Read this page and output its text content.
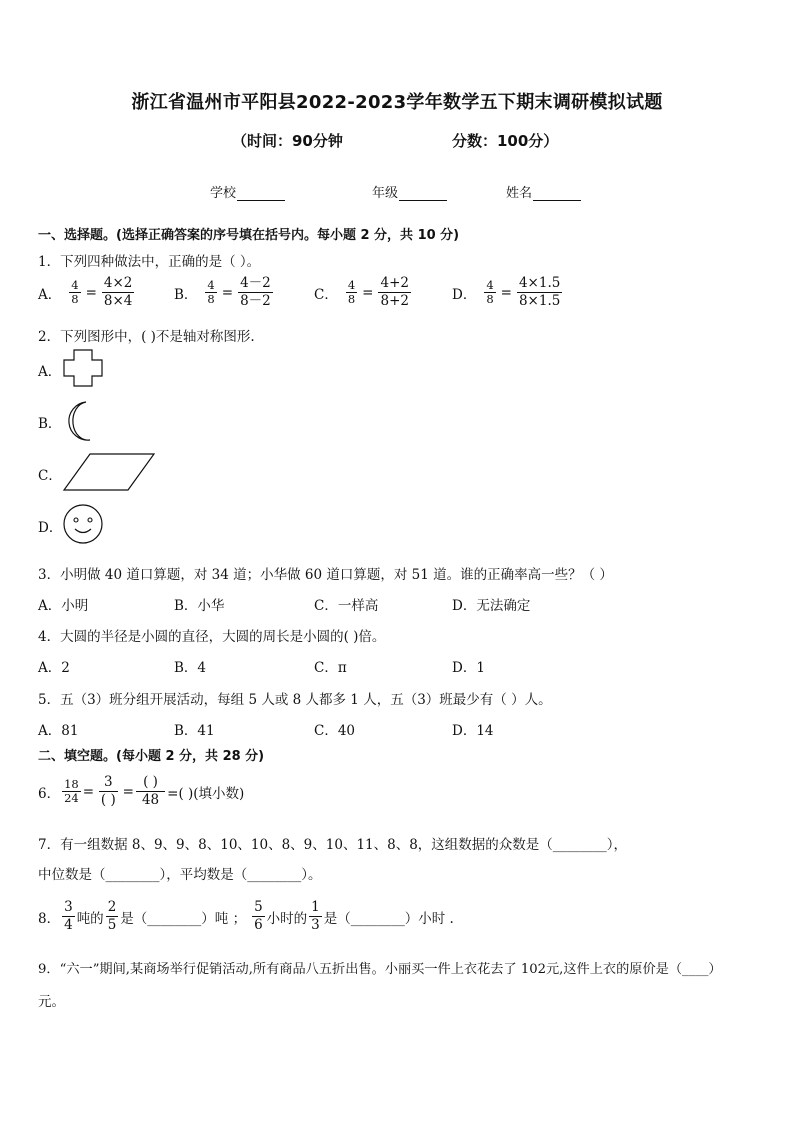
浙江省温州市平阳县2022-2023学年数学五下期末调研模拟试题
（时间：90分钟	分数：100分）
学校	年级	姓名
一、选择题。(选择正确答案的序号填在括号内。每小题 2 分，共 10 分)
1．下列四种做法中，正确的是（ ）。
A． $\frac{4}{8} = \frac{4\times 2}{8\times 4}$	B． $\frac{4}{8} = \frac{4-2}{8-2}$	C． $\frac{4}{8} = \frac{4+2}{8+2}$	D． $\frac{4}{8} = \frac{4\times 1.5}{8\times 1.5}$
2．下列图形中，( )不是轴对称图形.
A．
B．
C．
D．
3．小明做 40 道口算题，对 34 道；小华做 60 道口算题，对 51 道。谁的正确率高一些？（ ）
A．小明	B．小华	C．一样高	D．无法确定
4．大圆的半径是小圆的直径，大圆的周长是小圆的( )倍。
A．2	B．4	C．π	D．1
5．五（3）班分组开展活动，每组 5 人或 8 人都多 1 人，五（3）班最少有（ ）人。
A．81	B．41	C．40	D．14
二、填空题。(每小题 2 分，共 28 分)
6． $\frac{18}{24} = \frac{3}{( )} = \frac{( )}{48}$ =( )(填小数)
7．有一组数据 8、9、9、8、10、10、8、9、10、11、8、8，这组数据的众数是（________），
中位数是（________），平均数是（________）。
8． $\frac{3}{4}$ 吨的 $\frac{2}{5}$ 是（________）吨 ； $\frac{5}{6}$ 小时的 $\frac{1}{3}$ 是（________）小时 .
9．“六一”期间,某商场举行促销活动,所有商品八五折出售。小丽买一件上衣花去了 102元,这件上衣的原价是（____）
元。
